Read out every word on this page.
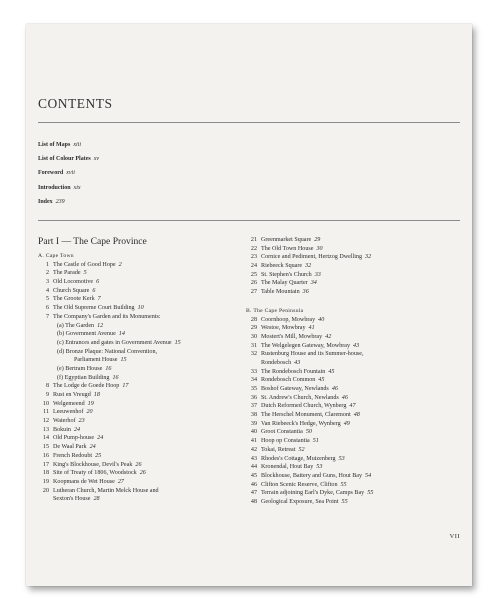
CONTENTS
List of Maps xiii
List of Colour Plates xv
Foreword xvii
Introduction xix
Index 239
Part I — The Cape Province
A. Cape Town
1 The Castle of Good Hope 2
2 The Parade 5
3 Old Locomotive 6
4 Church Square 6
5 The Groote Kerk 7
6 The Old Supreme Court Building 10
7 The Company's Garden and its Monuments:
(a) The Garden 12
(b) Government Avenue 14
(c) Entrances and gates in Government Avenue 15
(d) Bronze Plaque: National Convention,
Parliament House 15
(e) Bertram House 16
(f) Egyptian Building 16
8 The Lodge de Goede Hoop 17
9 Rust en Vreugd 18
10 Welgemeend 19
11 Leeuwenhof 20
12 Waterhof 23
13 Bokuin 24
14 Old Pump-house 24
15 De Waal Park 24
16 French Redoubt 25
17 King's Blockhouse, Devil's Peak 26
18 Site of Treaty of 1806, Woodstock 26
19 Koopmans de Wet House 27
20 Lutheran Church, Martin Melck House and
Sexton's House 28
21 Greenmarket Square 29
22 The Old Town House 30
23 Cornice and Pediment, Hertzog Dwelling 32
24 Riebeeck Square 32
25 St. Stephen's Church 33
26 The Malay Quarter 34
27 Table Mountain 36
B. The Cape Peninsula
28 Coornhoop, Mowbray 40
29 Westoe, Mowbray 41
30 Mostert's Mill, Mowbray 42
31 The Welgelegen Gateway, Mowbray 43
32 Rustenburg House and its Summer-house,
Rondebosch 43
33 The Rondebosch Fountain 45
34 Rondebosch Common 45
35 Boshof Gateway, Newlands 46
36 St. Andrew's Church, Newlands 46
37 Dutch Reformed Church, Wynberg 47
38 The Herschel Monument, Claremont 48
39 Van Riebeeck's Hedge, Wynberg 49
40 Groot Constantia 50
41 Hoop op Constantia 51
42 Tokai, Retreat 52
43 Rhodes's Cottage, Muizenberg 53
44 Kronendal, Hout Bay 53
45 Blockhouse, Battery and Guns, Hout Bay 54
46 Clifton Scenic Reserve, Clifton 55
47 Terrain adjoining Earl's Dyke, Camps Bay 55
48 Geological Exposure, Sea Point 55
VII
